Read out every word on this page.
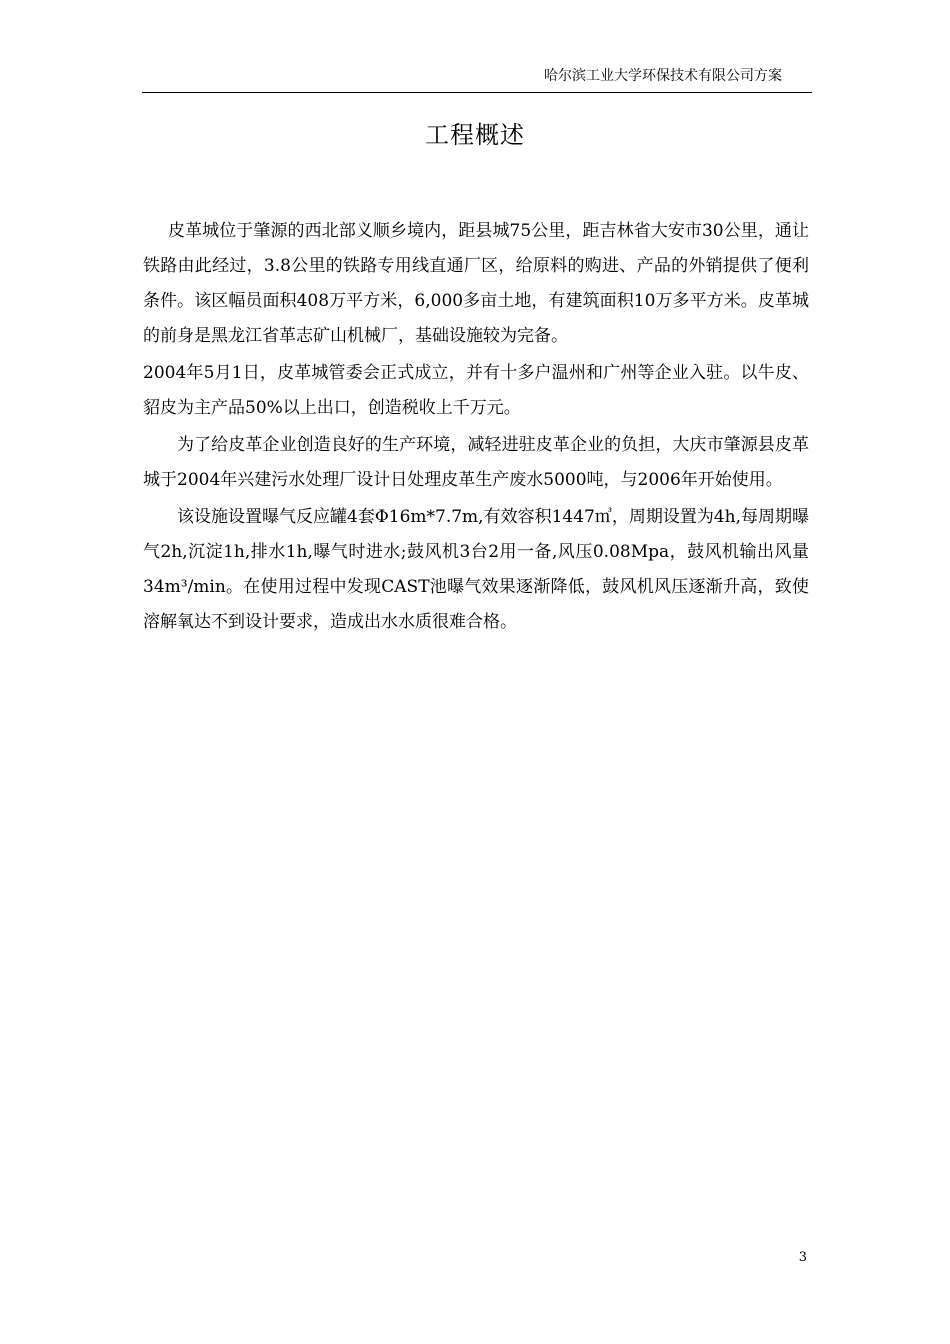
哈尔滨工业大学环保技术有限公司方案
工程概述

皮革城位于肇源的西北部义顺乡境内，距县城75公里，距吉林省大安市30公里，通让铁路由此经过，3.8公里的铁路专用线直通厂区，给原料的购进、产品的外销提供了便利条件。该区幅员面积408万平方米，6,000多亩土地，有建筑面积10万多平方米。皮革城的前身是黑龙江省革志矿山机械厂，基础设施较为完备。

2004年5月1日，皮革城管委会正式成立，并有十多户温州和广州等企业入驻。以牛皮、貂皮为主产品50%以上出口，创造税收上千万元。

为了给皮革企业创造良好的生产环境，减轻进驻皮革企业的负担，大庆市肇源县皮革城于2004年兴建污水处理厂设计日处理皮革生产废水5000吨，与2006年开始使用。

该设施设置曝气反应罐4套Φ16m*7.7m,有效容积1447㎥，周期设置为4h,每周期曝气2h,沉淀1h,排水1h,曝气时进水;鼓风机3台2用一备,风压0.08Mpa，鼓风机输出风量34m³/min。在使用过程中发现CAST池曝气效果逐渐降低，鼓风机风压逐渐升高，致使溶解氧达不到设计要求，造成出水水质很难合格。

3
